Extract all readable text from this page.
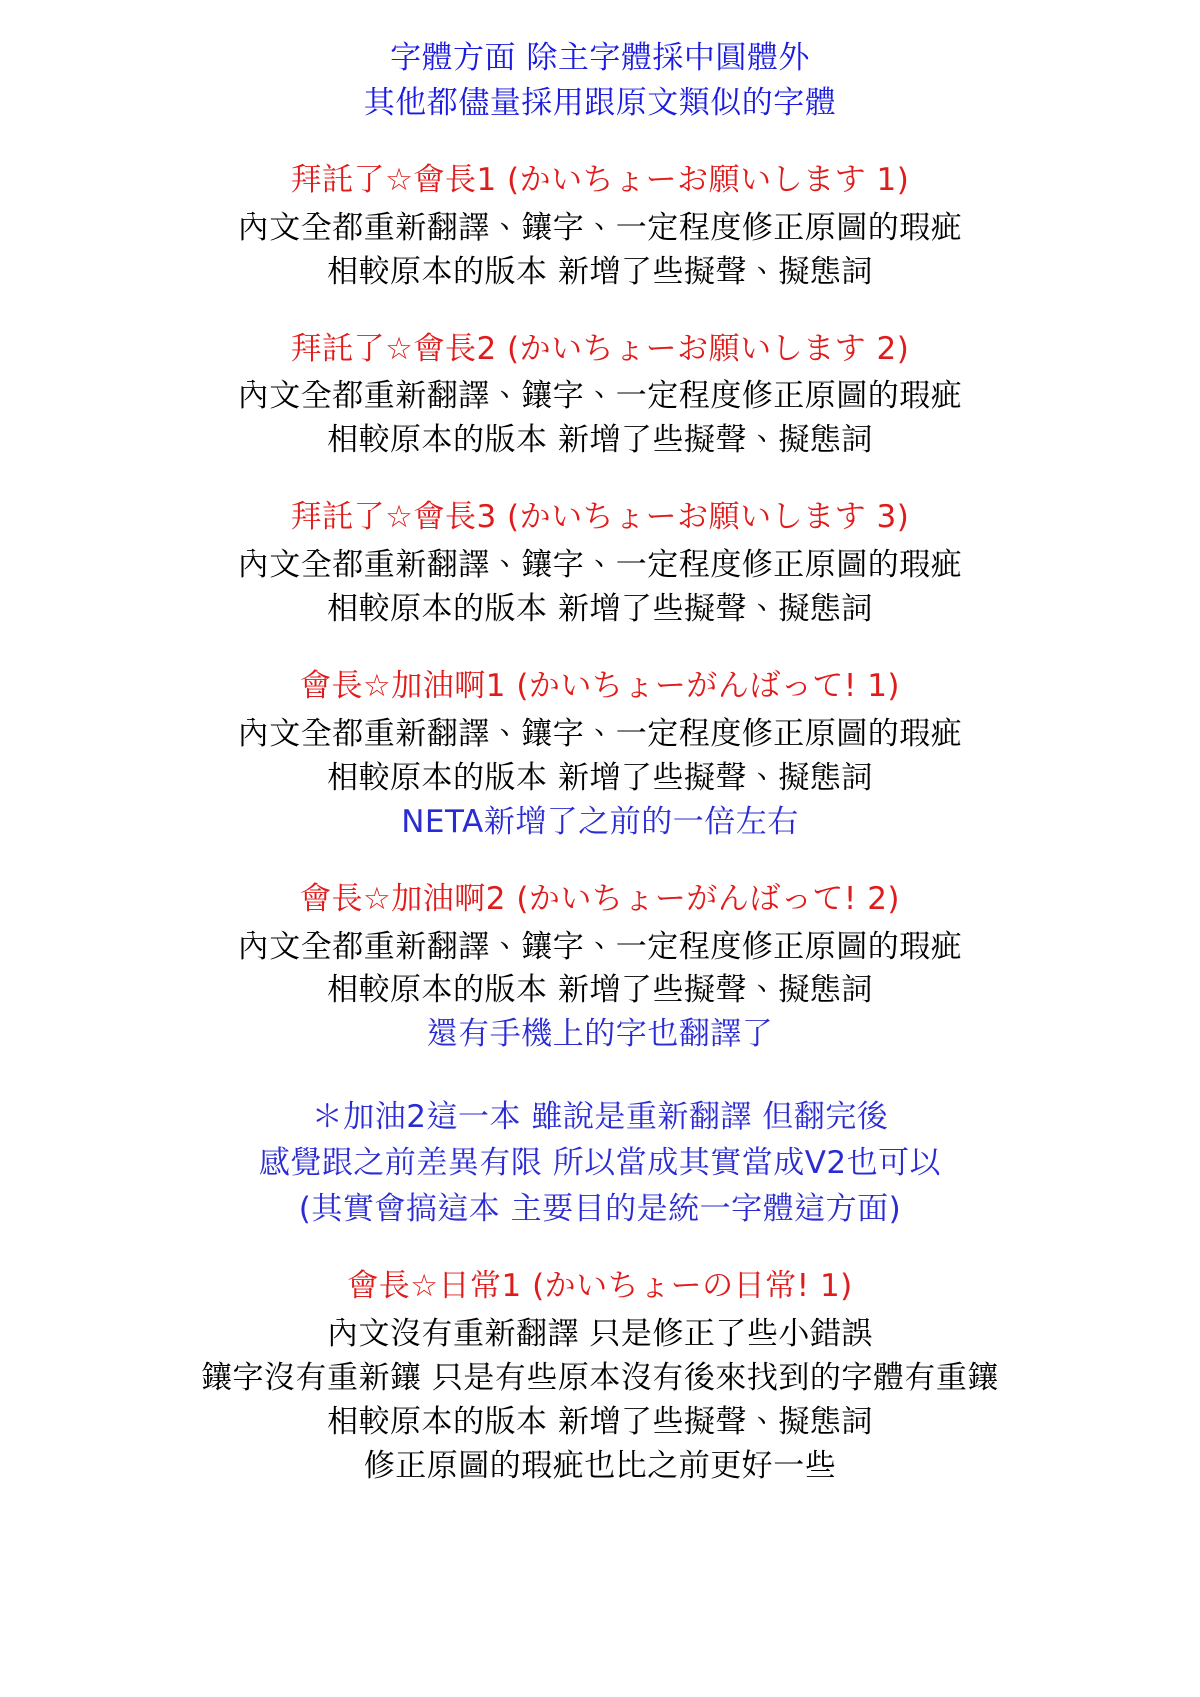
字體方面 除主字體採中圓體外
其他都儘量採用跟原文類似的字體
拜託了☆會長1 (かいちょーお願いします 1)
內文全都重新翻譯、鑲字、一定程度修正原圖的瑕疵
相較原本的版本 新增了些擬聲、擬態詞
拜託了☆會長2 (かいちょーお願いします 2)
內文全都重新翻譯、鑲字、一定程度修正原圖的瑕疵
相較原本的版本 新增了些擬聲、擬態詞
拜託了☆會長3 (かいちょーお願いします 3)
內文全都重新翻譯、鑲字、一定程度修正原圖的瑕疵
相較原本的版本 新增了些擬聲、擬態詞
會長☆加油啊1 (かいちょーがんばって! 1)
內文全都重新翻譯、鑲字、一定程度修正原圖的瑕疵
相較原本的版本 新增了些擬聲、擬態詞
NETA新增了之前的一倍左右
會長☆加油啊2 (かいちょーがんばって! 2)
內文全都重新翻譯、鑲字、一定程度修正原圖的瑕疵
相較原本的版本 新增了些擬聲、擬態詞
還有手機上的字也翻譯了
＊加油2這一本 雖說是重新翻譯 但翻完後
感覺跟之前差異有限 所以當成其實當成V2也可以
(其實會搞這本 主要目的是統一字體這方面)
會長☆日常1 (かいちょーの日常! 1)
內文沒有重新翻譯 只是修正了些小錯誤
鑲字沒有重新鑲 只是有些原本沒有後來找到的字體有重鑲
相較原本的版本 新增了些擬聲、擬態詞
修正原圖的瑕疵也比之前更好一些
